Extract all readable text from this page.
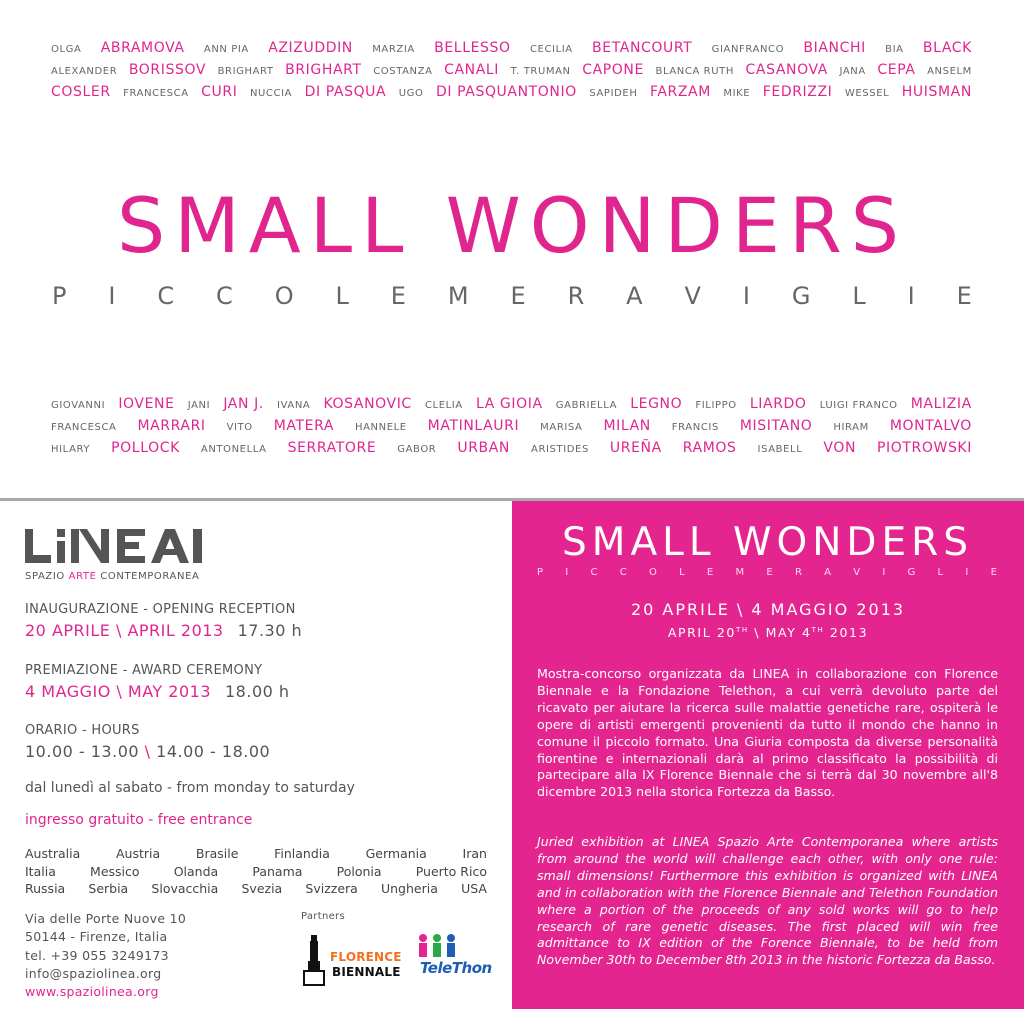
OLGA ABRAMOVA ANN PIA AZIZUDDIN MARZIA BELLESSO CECILIA BETANCOURT GIANFRANCO BIANCHI BIA BLACK
ALEXANDER BORISSOV BRIGHART BRIGHART COSTANZA CANALI T. TRUMAN CAPONE BLANCA RUTH CASANOVA JANA CEPA ANSELM
COSLER FRANCESCA CURI NUCCIA DI PASQUA UGO DI PASQUANTONIO SAPIDEH FARZAM MIKE FEDRIZZI WESSEL HUISMAN
SMALL WONDERS
P I C C O L E M E R A V I G L I E
GIOVANNI IOVENE JANI JAN J. IVANA KOSANOVIC CLELIA LA GIOIA GABRIELLA LEGNO FILIPPO LIARDO LUIGI FRANCO MALIZIA
FRANCESCA MARRARI VITO MATERA HANNELE MATINLAURI MARISA MILAN FRANCIS MISITANO HIRAM MONTALVO
HILARY POLLOCK ANTONELLA SERRATORE GABOR URBAN ARISTIDES UREÑA RAMOS ISABELL VON PIOTROWSKI
SPAZIO ARTE CONTEMPORANEA
INAUGURAZIONE - OPENING RECEPTION
20 APRILE \ APRIL 2013 17.30 h
PREMIAZIONE - AWARD CEREMONY
4 MAGGIO \ MAY 2013 18.00 h
ORARIO - HOURS
10.00 - 13.00 \ 14.00 - 18.00
dal lunedì al sabato - from monday to saturday
ingresso gratuito - free entrance
Australia	Austria	Brasile	Finlandia	Germania	Iran
Italia	Messico	Olanda	Panama	Polonia	Puerto Rico
Russia Serbia Slovacchia Svezia Svizzera Ungheria USA
Via delle Porte Nuove 10
50144 - Firenze, Italia
tel. +39 055 3249173
info@spaziolinea.org
www.spaziolinea.org
Partners
FLORENCE
BIENNALE TeleThon
SMALL WONDERS
P I C C O L E M E R A V I G L I E
20 APRILE \ 4 MAGGIO 2013
APRIL 20TH \ MAY 4TH 2013

Mostra-concorso organizzata da LINEA in collaborazione con Florence Biennale e la Fondazione Telethon, a cui verrà devoluto parte del ricavato per aiutare la ricerca sulle malattie genetiche rare, ospiterà le opere di artisti emergenti provenienti da tutto il mondo che hanno in comune il piccolo formato. Una Giuria composta da diverse personalità fiorentine e internazionali darà al primo classificato la possibilità di partecipare alla IX Florence Biennale che si terrà dal 30 novembre all'8 dicembre 2013 nella storica Fortezza da Basso.

Juried exhibition at LINEA Spazio Arte Contemporanea where artists from around the world will challenge each other, with only one rule: small dimensions! Furthermore this exhibition is organized with LINEA and in collaboration with the Florence Biennale and Telethon Foundation where a portion of the proceeds of any sold works will go to help research of rare genetic diseases. The first placed will win free admittance to IX edition of the Forence Biennale, to be held from November 30th to December 8th 2013 in the historic Fortezza da Basso.
